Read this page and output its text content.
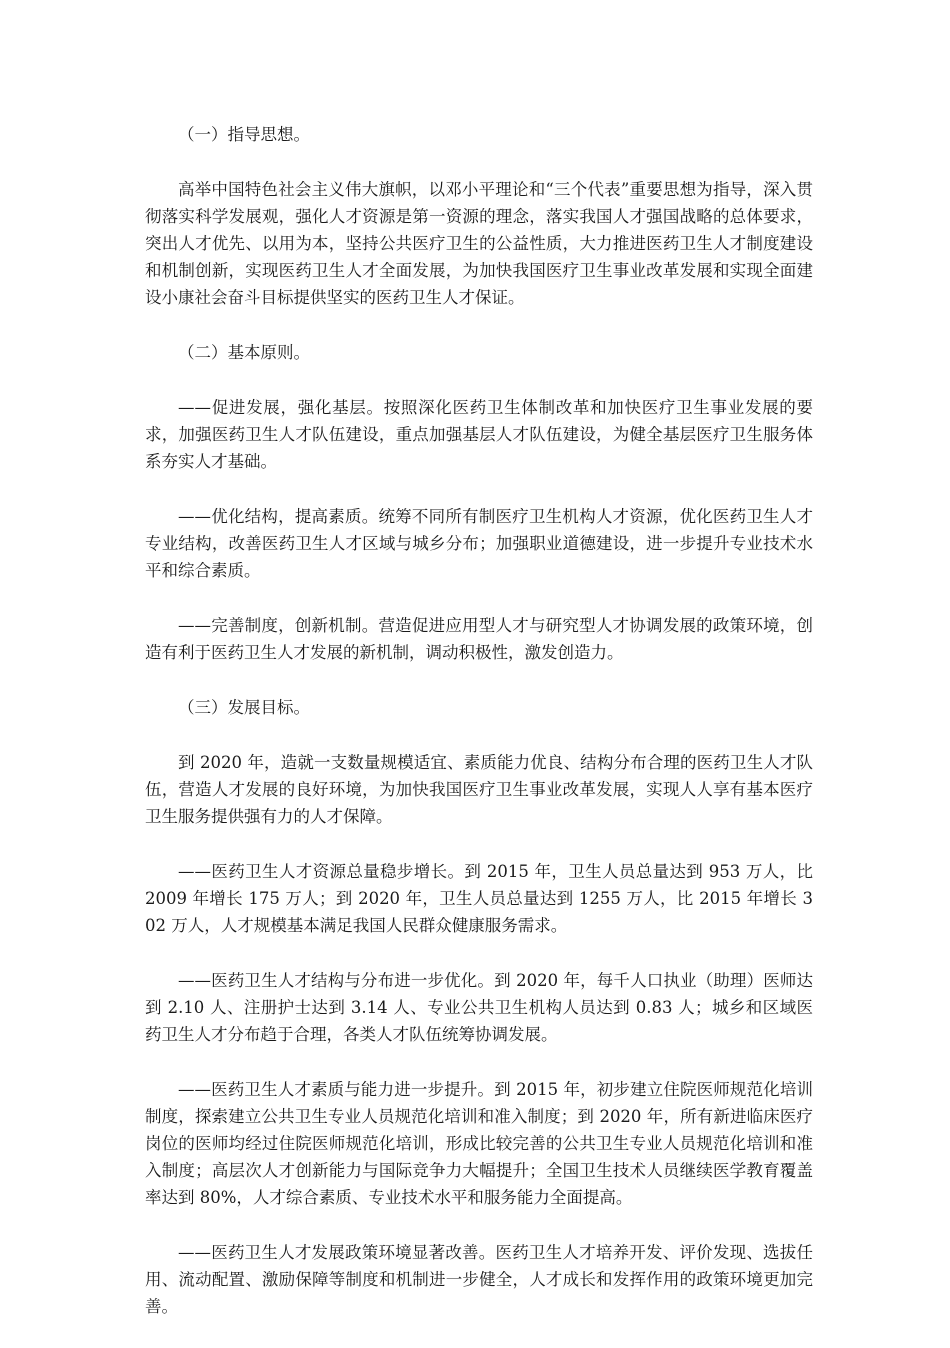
（一）指导思想。

高举中国特色社会主义伟大旗帜，以邓小平理论和“三个代表”重要思想为指导，深入贯彻落实科学发展观，强化人才资源是第一资源的理念，落实我国人才强国战略的总体要求，突出人才优先、以用为本，坚持公共医疗卫生的公益性质，大力推进医药卫生人才制度建设和机制创新，实现医药卫生人才全面发展，为加快我国医疗卫生事业改革发展和实现全面建设小康社会奋斗目标提供坚实的医药卫生人才保证。

（二）基本原则。

——促进发展，强化基层。按照深化医药卫生体制改革和加快医疗卫生事业发展的要求，加强医药卫生人才队伍建设，重点加强基层人才队伍建设，为健全基层医疗卫生服务体系夯实人才基础。

——优化结构，提高素质。统筹不同所有制医疗卫生机构人才资源，优化医药卫生人才专业结构，改善医药卫生人才区域与城乡分布；加强职业道德建设，进一步提升专业技术水平和综合素质。

——完善制度，创新机制。营造促进应用型人才与研究型人才协调发展的政策环境，创造有利于医药卫生人才发展的新机制，调动积极性，激发创造力。

（三）发展目标。

到 2020 年，造就一支数量规模适宜、素质能力优良、结构分布合理的医药卫生人才队伍，营造人才发展的良好环境，为加快我国医疗卫生事业改革发展，实现人人享有基本医疗卫生服务提供强有力的人才保障。

——医药卫生人才资源总量稳步增长。到 2015 年，卫生人员总量达到 953 万人，比 2009 年增长 175 万人；到 2020 年，卫生人员总量达到 1255 万人，比 2015 年增长 302 万人，人才规模基本满足我国人民群众健康服务需求。

——医药卫生人才结构与分布进一步优化。到 2020 年，每千人口执业（助理）医师达到 2.10 人、注册护士达到 3.14 人、专业公共卫生机构人员达到 0.83 人；城乡和区域医药卫生人才分布趋于合理，各类人才队伍统筹协调发展。

——医药卫生人才素质与能力进一步提升。到 2015 年，初步建立住院医师规范化培训制度，探索建立公共卫生专业人员规范化培训和准入制度；到 2020 年，所有新进临床医疗岗位的医师均经过住院医师规范化培训，形成比较完善的公共卫生专业人员规范化培训和准入制度；高层次人才创新能力与国际竞争力大幅提升；全国卫生技术人员继续医学教育覆盖率达到 80%，人才综合素质、专业技术水平和服务能力全面提高。

——医药卫生人才发展政策环境显著改善。医药卫生人才培养开发、评价发现、选拔任用、流动配置、激励保障等制度和机制进一步健全，人才成长和发挥作用的政策环境更加完善。
